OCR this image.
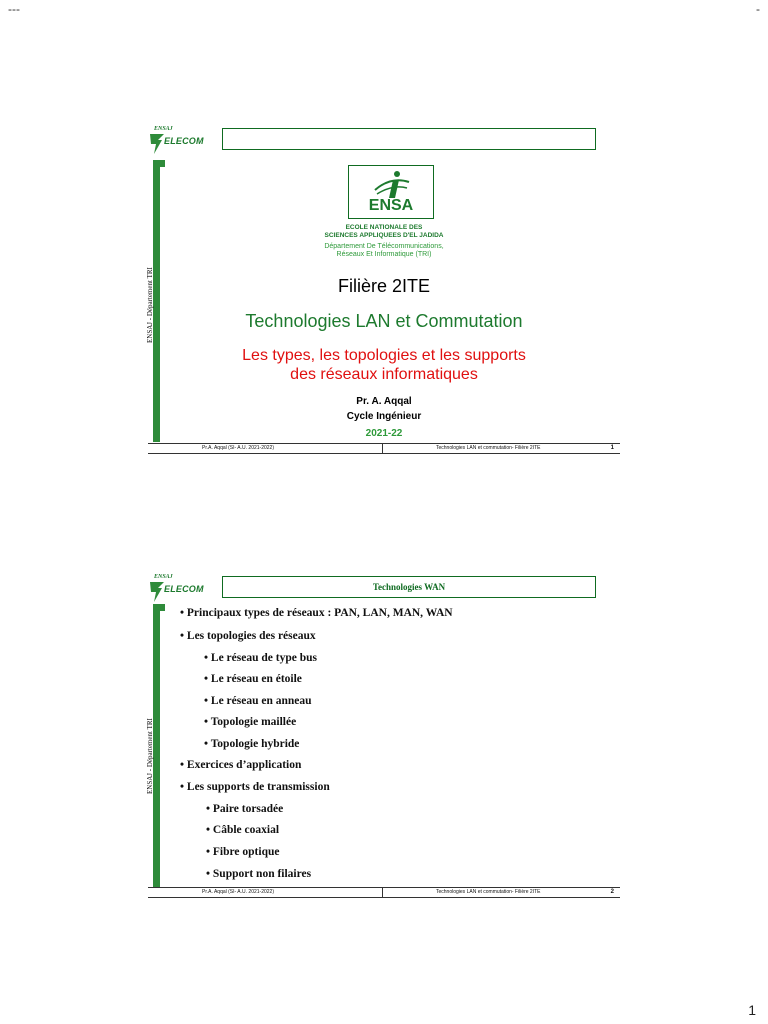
---	-
ENSAJ
ELECOM
ENSAJ - Département TRI
ENSA
ECOLE NATIONALE DES
SCIENCES APPLIQUEES D'EL JADIDA
Département De Télécommunications,
Réseaux Et Informatique (TRI)
Filière 2ITE
Technologies LAN et Commutation
Les types, les topologies et les supports
des réseaux informatiques
Pr. A. Aqqal
Cycle Ingénieur
2021-22
Pr.A. Aqqal (SI- A.U. 2021-2022)	Technologies LAN et commutation- Filière 2ITE	1
ENSAJ
ELECOM	Technologies WAN
ENSAJ - Département TRI
• Principaux types de réseaux : PAN, LAN, MAN, WAN
• Les topologies des réseaux
• Le réseau de type bus
• Le réseau en étoile
• Le réseau en anneau
• Topologie maillée
• Topologie hybride
• Exercices d’application
• Les supports de transmission
• Paire torsadée
• Câble coaxial
• Fibre optique
• Support non filaires
Pr.A. Aqqal (SI- A.U. 2021-2022)	Technologies LAN et commutation- Filière 2ITE	2
1
